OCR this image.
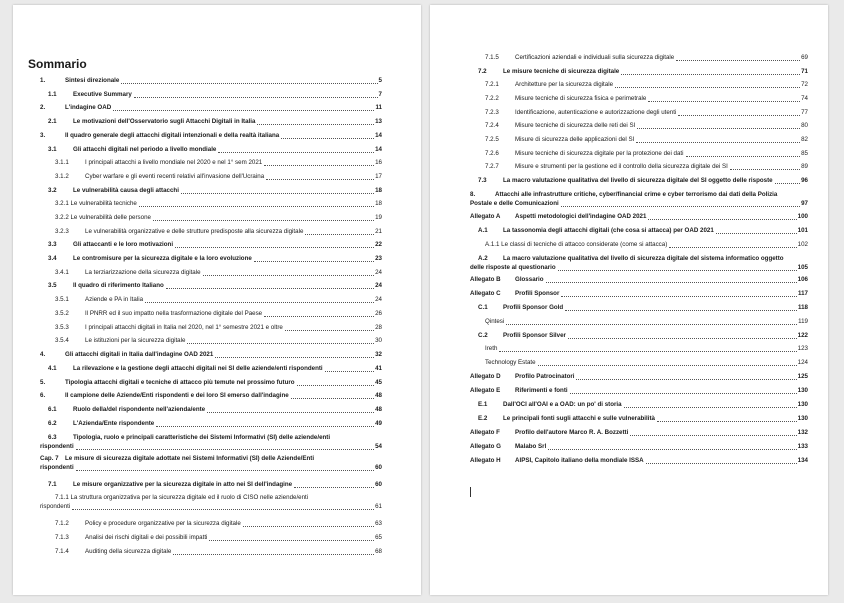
Sommario
1.	Sintesi direzionale	5
1.1	Executive Summary	7
2.	L'indagine OAD	11
2.1	Le motivazioni dell'Osservatorio sugli Attacchi Digitali in Italia	13
3.	Il quadro generale degli attacchi digitali intenzionali e della realtà italiana	14
3.1	Gli attacchi digitali nel periodo a livello mondiale	14
3.1.1	I principali attacchi a livello mondiale nel 2020 e nel 1° sem 2021	16
3.1.2	Cyber warfare e gli eventi recenti relativi all'invasione dell'Ucraina	17
3.2	Le vulnerabilità causa degli attacchi	18
3.2.1 Le vulnerabilità tecniche	18
3.2.2 Le vulnerabilità delle persone	19
3.2.3	Le vulnerabilità organizzative e delle strutture predisposte alla sicurezza digitale	21
3.3	Gli attaccanti e le loro motivazioni	22
3.4	Le contromisure per la sicurezza digitale e la loro evoluzione	23
3.4.1	La terziarizzazione della sicurezza digitale	24
3.5	Il quadro di riferimento Italiano	24
3.5.1	Aziende e PA in Italia	24
3.5.2	Il PNRR ed il suo impatto nella trasformazione digitale del Paese	26
3.5.3	I principali attacchi digitali in Italia nel 2020, nel 1° semestre 2021 e oltre	28
3.5.4	Le istituzioni per la sicurezza digitale	30
4.	Gli attacchi digitali in Italia dall'indagine OAD 2021	32
4.1	La rilevazione e la gestione degli attacchi digitali nei SI delle aziende/enti rispondenti	41
5.	Tipologia attacchi digitali e tecniche di attacco più temute nel prossimo futuro	45
6.	Il campione delle Aziende/Enti rispondenti e dei loro SI emerso dall'indagine	48
6.1	Ruolo della/del rispondente nell'azienda/ente	48
6.2	L'Azienda/Ente rispondente	49
6.3	Tipologia, ruolo e principali caratteristiche dei Sistemi Informativi (SI) delle aziende/enti
rispondenti	54
Cap. 7	Le misure di sicurezza digitale adottate nei Sistemi Informativi (SI) delle Aziende/Enti
rispondenti	60
7.1	Le misure organizzative per la sicurezza digitale in atto nei SI dell'indagine	60
7.1.1 La struttura organizzativa per la sicurezza digitale ed il ruolo di CISO nelle aziende/enti
rispondenti	61
7.1.2	Policy e procedure organizzative per la sicurezza digitale	63
7.1.3	Analisi dei rischi digitali e dei possibili impatti	65
7.1.4	Auditing della sicurezza digitale	68
7.1.5	Certificazioni aziendali e individuali sulla sicurezza digitale	69
7.2	Le misure tecniche di sicurezza digitale	71
7.2.1	Architetture per la sicurezza digitale	72
7.2.2	Misure tecniche di sicurezza fisica e perimetrale	74
7.2.3	Identificazione, autenticazione e autorizzazione degli utenti	77
7.2.4	Misure tecniche di sicurezza delle reti dei SI	80
7.2.5	Misure di sicurezza delle applicazioni del SI	82
7.2.6	Misure tecniche di sicurezza digitale per la protezione dei dati	85
7.2.7	Misure e strumenti per la gestione ed il controllo della sicurezza digitale dei SI	89
7.3	La macro valutazione qualitativa del livello di sicurezza digitale del SI oggetto delle risposte	96
8.	Attacchi alle infrastrutture critiche, cyber/financial crime e cyber terrorismo dai dati della Polizia
Postale e delle Comunicazioni	97
Allegato A	Aspetti metodologici dell'indagine OAD 2021	100
A.1	La tassonomia degli attacchi digitali (che cosa si attacca) per OAD 2021	101
A.1.1 Le classi di tecniche di attacco considerate (come si attacca)	102
A.2	La macro valutazione qualitativa del livello di sicurezza digitale del sistema informatico oggetto
delle risposte al questionario	105
Allegato B	Glossario	106
Allegato C	Profili Sponsor	117
C.1	Profili Sponsor Gold	118
Qintesi	119
C.2	Profili Sponsor Silver	122
Ireth	123
Technology Estate	124
Allegato D	Profilo Patrocinatori	125
Allegato E	Riferimenti e fonti	130
E.1	Dall'OCI all'OAI e a OAD: un po' di storia	130
E.2	Le principali fonti sugli attacchi e sulle vulnerabilità	130
Allegato F	Profilo dell'autore Marco R. A. Bozzetti	132
Allegato G	Malabo Srl	133
Allegato H	AIPSI, Capitolo italiano della mondiale ISSA	134
